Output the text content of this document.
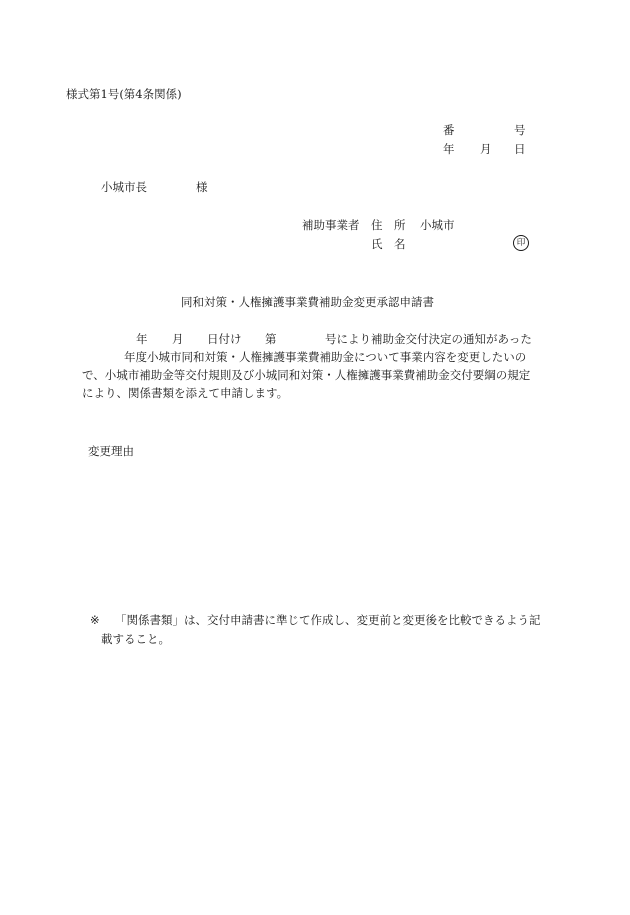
様式第1号(第4条関係)
番	号
年 月 日
小城市長	様
補助事業者 住　所 小城市
氏　名	印
同和対策・人権擁護事業費補助金変更承認申請書
年 月 日付け 第	号により補助金交付決定の通知があった
年度小城市同和対策・人権擁護事業費補助金について事業内容を変更したいの
で、小城市補助金等交付規則及び小城同和対策・人権擁護事業費補助金交付要綱の規定
により、関係書類を添えて申請します。
変更理由
※ 「関係書類」は、交付申請書に準じて作成し、変更前と変更後を比較できるよう記
載すること。
